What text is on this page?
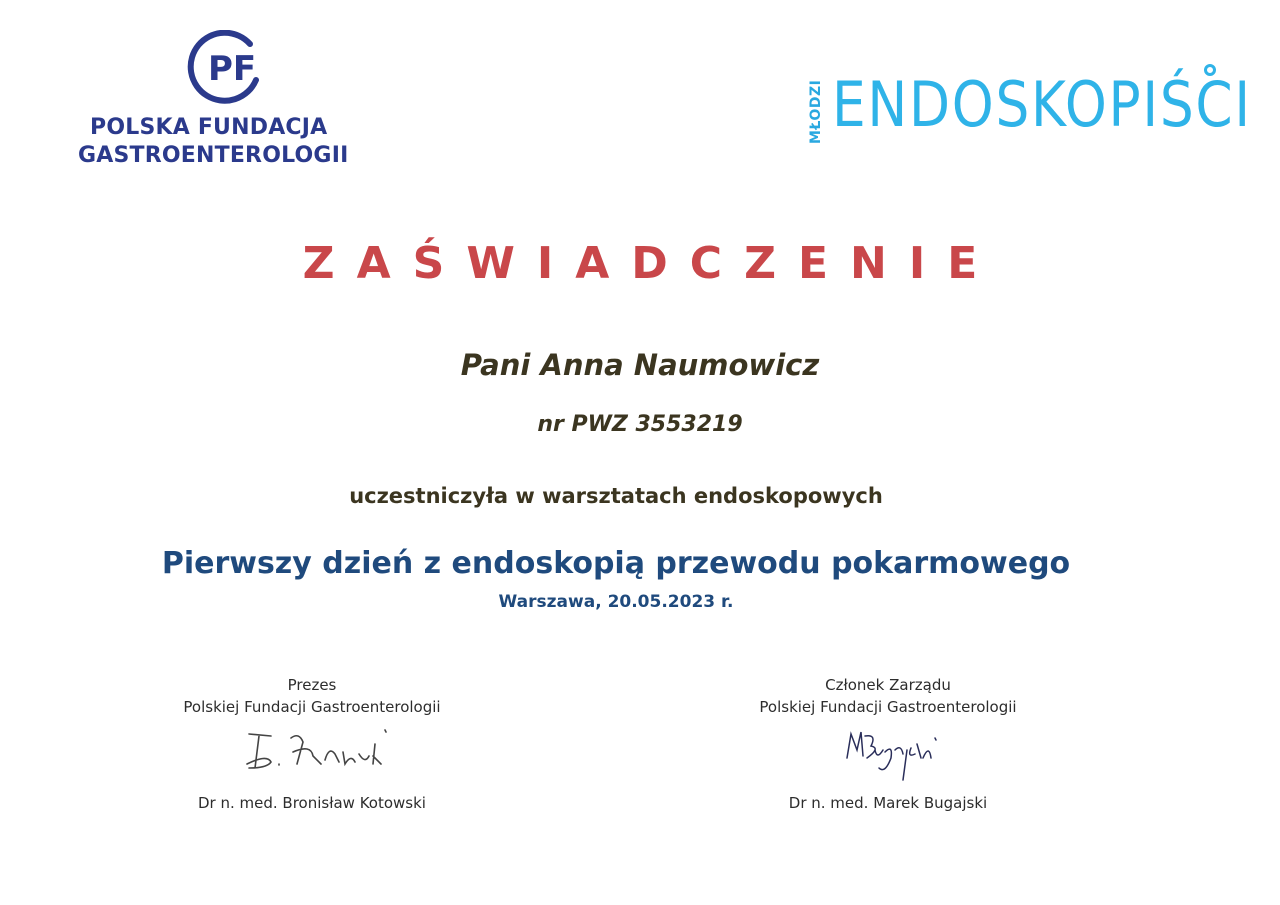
PF
POLSKA FUNDACJA
GASTROENTEROLOGII
MŁODZI ENDOSKOPIŚCI
ZAŚWIADCZENIE
Pani Anna Naumowicz
nr PWZ 3553219
uczestniczyła w warsztatach endoskopowych
Pierwszy dzień z endoskopią przewodu pokarmowego
Warszawa, 20.05.2023 r.
Prezes
Polskiej Fundacji Gastroenterologii
Dr n. med. Bronisław Kotowski
Członek Zarządu
Polskiej Fundacji Gastroenterologii
Dr n. med. Marek Bugajski
